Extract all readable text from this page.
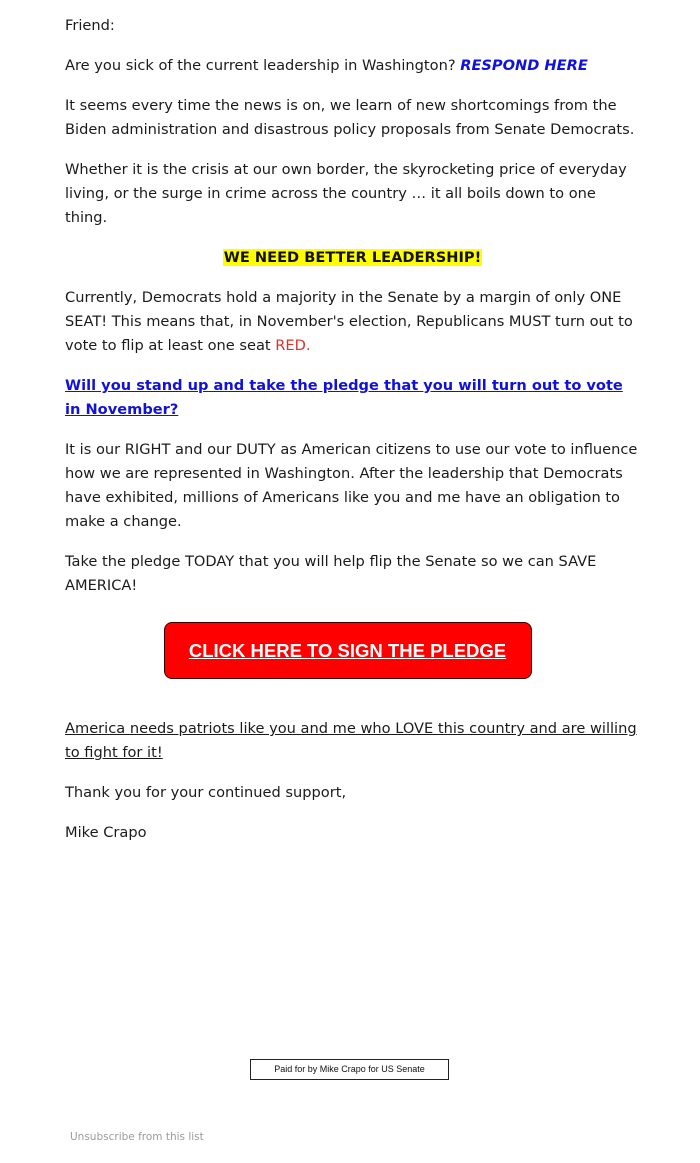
Friend:

Are you sick of the current leadership in Washington? RESPOND HERE

It seems every time the news is on, we learn of new shortcomings from the Biden administration and disastrous policy proposals from Senate Democrats.

Whether it is the crisis at our own border, the skyrocketing price of everyday living, or the surge in crime across the country … it all boils down to one thing.

WE NEED BETTER LEADERSHIP!

Currently, Democrats hold a majority in the Senate by a margin of only ONE SEAT! This means that, in November's election, Republicans MUST turn out to vote to flip at least one seat RED.

Will you stand up and take the pledge that you will turn out to vote in November?

It is our RIGHT and our DUTY as American citizens to use our vote to influence how we are represented in Washington. After the leadership that Democrats have exhibited, millions of Americans like you and me have an obligation to make a change.

Take the pledge TODAY that you will help flip the Senate so we can SAVE AMERICA!

CLICK HERE TO SIGN THE PLEDGE

America needs patriots like you and me who LOVE this country and are willing to fight for it!

Thank you for your continued support,

Mike Crapo

Paid for by Mike Crapo for US Senate
Unsubscribe from this list
